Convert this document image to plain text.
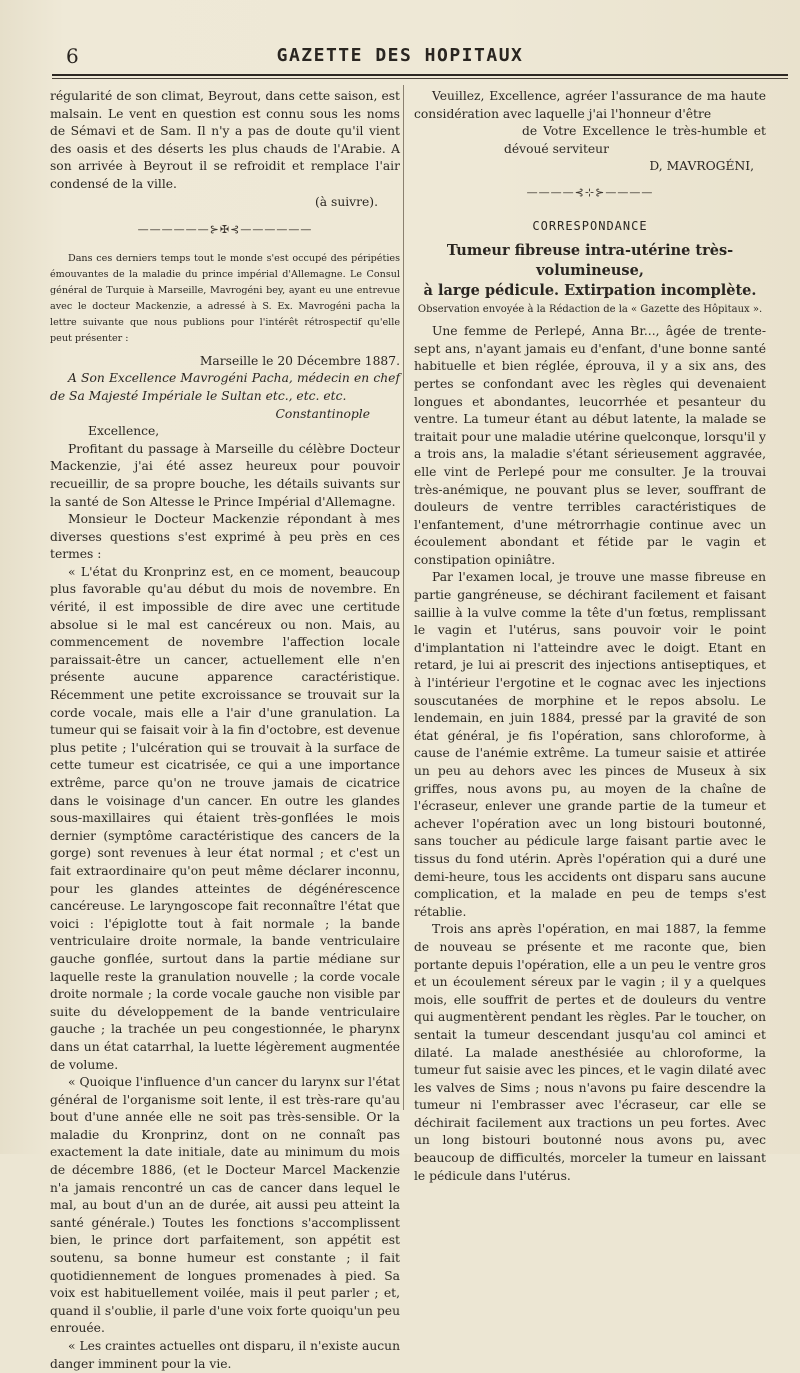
6	GAZETTE DES HOPITAUX

régularité de son climat, Beyrout, dans cette saison, est malsain. Le vent en question est connu sous les noms de Sémavi et de Sam. Il n'y a pas de doute qu'il vient des oasis et des déserts les plus chauds de l'Arabie. A son arrivée à Beyrout il se refroidit et remplace l'air condensé de la ville.

(à suivre).

——————⊱✠⊰——————

Dans ces derniers temps tout le monde s'est occupé des péripéties émouvantes de la maladie du prince impérial d'Allemagne. Le Consul général de Turquie à Marseille, Mavrogéni bey, ayant eu une entrevue avec le docteur Mackenzie, a adressé à S. Ex. Mavrogéni pacha la lettre suivante que nous publions pour l'intérêt rétrospectif qu'elle peut présenter :

Marseille le 20 Décembre 1887.

A Son Excellence Mavrogéni Pacha, médecin en chef de Sa Majesté Impériale le Sultan etc., etc. etc.

Constantinople

Excellence,

Profitant du passage à Marseille du célèbre Docteur Mackenzie, j'ai été assez heureux pour pouvoir recueillir, de sa propre bouche, les détails suivants sur la santé de Son Altesse le Prince Impérial d'Allemagne.

Monsieur le Docteur Mackenzie répondant à mes diverses questions s'est exprimé à peu près en ces termes :

« L'état du Kronprinz est, en ce moment, beaucoup plus favorable qu'au début du mois de novembre. En vérité, il est impossible de dire avec une certitude absolue si le mal est cancéreux ou non. Mais, au commencement de novembre l'affection locale paraissait-être un cancer, actuellement elle n'en présente aucune apparence caractéristique. Récemment une petite excroissance se trouvait sur la corde vocale, mais elle a l'air d'une granulation. La tumeur qui se faisait voir à la fin d'octobre, est devenue plus petite ; l'ulcération qui se trouvait à la surface de cette tumeur est cicatrisée, ce qui a une importance extrême, parce qu'on ne trouve jamais de cicatrice dans le voisinage d'un cancer. En outre les glandes sous-maxillaires qui étaient très-gonflées le mois dernier (symptôme caractéristique des cancers de la gorge) sont revenues à leur état normal ; et c'est un fait extraordinaire qu'on peut même déclarer inconnu, pour les glandes atteintes de dégénérescence cancéreuse. Le laryngoscope fait reconnaître l'état que voici : l'épiglotte tout à fait normale ; la bande ventriculaire droite normale, la bande ventriculaire gauche gonflée, surtout dans la partie médiane sur laquelle reste la granulation nouvelle ; la corde vocale droite normale ; la corde vocale gauche non visible par suite du développement de la bande ventriculaire gauche ; la trachée un peu congestionnée, le pharynx dans un état catarrhal, la luette légèrement augmentée de volume.

« Quoique l'influence d'un cancer du larynx sur l'état général de l'organisme soit lente, il est très-rare qu'au bout d'une année elle ne soit pas très-sensible. Or la maladie du Kronprinz, dont on ne connaît pas exactement la date initiale, date au minimum du mois de décembre 1886, (et le Docteur Marcel Mackenzie n'a jamais rencontré un cas de cancer dans lequel le mal, au bout d'un an de durée, ait aussi peu atteint la santé générale.) Toutes les fonctions s'accomplissent bien, le prince dort parfaitement, son appétit est soutenu, sa bonne humeur est constante ; il fait quotidiennement de longues promenades à pied. Sa voix est habituellement voilée, mais il peut parler ; et, quand il s'oublie, il parle d'une voix forte quoiqu'un peu enrouée.

« Les craintes actuelles ont disparu, il n'existe aucun danger imminent pour la vie.

Veuillez, Excellence, agréer l'assurance de ma haute considération avec laquelle j'ai l'honneur d'être

de Votre Excellence le très-humble et dévoué serviteur

D, MAVROGÉNI,

————⊰⊹⊱————
CORRESPONDANCE
Tumeur fibreuse intra-utérine très-volumineuse,
à large pédicule. Extirpation incomplète.

Observation envoyée à la Rédaction de la « Gazette des Hôpitaux ».

Une femme de Perlepé, Anna Br..., âgée de trente-sept ans, n'ayant jamais eu d'enfant, d'une bonne santé habituelle et bien réglée, éprouva, il y a six ans, des pertes se confondant avec les règles qui devenaient longues et abondantes, leucorrhée et pesanteur du ventre. La tumeur étant au début latente, la malade se traitait pour une maladie utérine quelconque, lorsqu'il y a trois ans, la maladie s'étant sérieusement aggravée, elle vint de Perlepé pour me consulter. Je la trouvai très-anémique, ne pouvant plus se lever, souffrant de douleurs de ventre terribles caractéristiques de l'enfantement, d'une métrorrhagie continue avec un écoulement abondant et fétide par le vagin et constipation opiniâtre.

Par l'examen local, je trouve une masse fibreuse en partie gangréneuse, se déchirant facilement et faisant saillie à la vulve comme la tête d'un fœtus, remplissant le vagin et l'utérus, sans pouvoir voir le point d'implantation ni l'atteindre avec le doigt. Etant en retard, je lui ai prescrit des injections antiseptiques, et à l'intérieur l'ergotine et le cognac avec les injections souscutanées de morphine et le repos absolu. Le lendemain, en juin 1884, pressé par la gravité de son état général, je fis l'opération, sans chloroforme, à cause de l'anémie extrême. La tumeur saisie et attirée un peu au dehors avec les pinces de Museux à six griffes, nous avons pu, au moyen de la chaîne de l'écraseur, enlever une grande partie de la tumeur et achever l'opération avec un long bistouri boutonné, sans toucher au pédicule large faisant partie avec le tissus du fond utérin. Après l'opération qui a duré une demi-heure, tous les accidents ont disparu sans aucune complication, et la malade en peu de temps s'est rétablie.

Trois ans après l'opération, en mai 1887, la femme de nouveau se présente et me raconte que, bien portante depuis l'opération, elle a un peu le ventre gros et un écoulement séreux par le vagin ; il y a quelques mois, elle souffrit de pertes et de douleurs du ventre qui augmentèrent pendant les règles. Par le toucher, on sentait la tumeur descendant jusqu'au col aminci et dilaté. La malade anesthésiée au chloroforme, la tumeur fut saisie avec les pinces, et le vagin dilaté avec les valves de Sims ; nous n'avons pu faire descendre la tumeur ni l'embrasser avec l'écraseur, car elle se déchirait facilement aux tractions un peu fortes. Avec un long bistouri boutonné nous avons pu, avec beaucoup de difficultés, morceler la tumeur en laissant le pédicule dans l'utérus.
